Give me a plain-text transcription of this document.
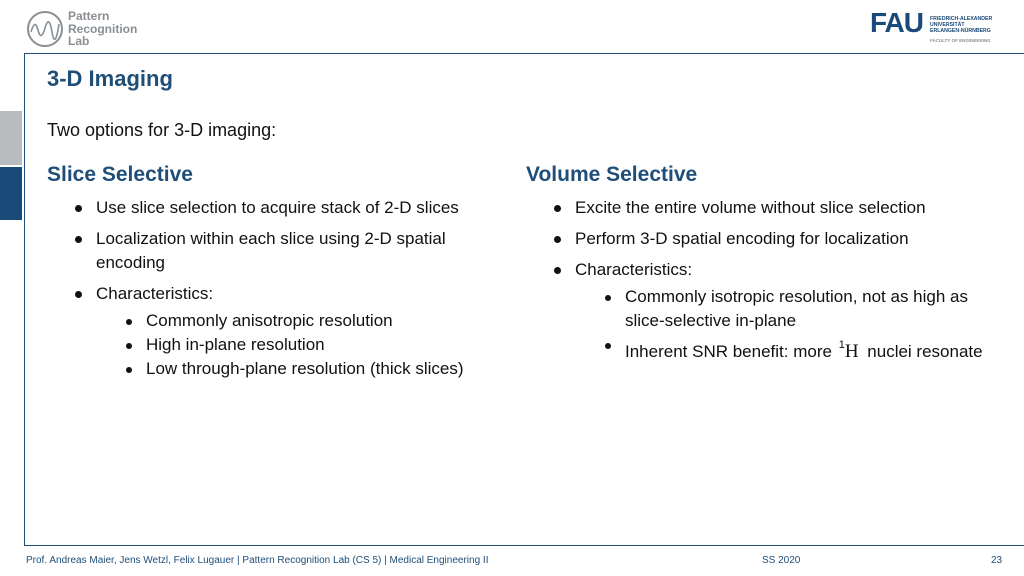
Pattern
Recognition
Lab
FAU FRIEDRICH-ALEXANDER
UNIVERSITÄT
ERLANGEN-NÜRNBERG
FACULTY OF ENGINEERING
3-D Imaging
Two options for 3-D imaging:
Slice Selective
Use slice selection to acquire stack of 2-D slices
Localization within each slice using 2-D spatial encoding
Characteristics:
Commonly anisotropic resolution
High in-plane resolution
Low through-plane resolution (thick slices)
Volume Selective
Excite the entire volume without slice selection
Perform 3-D spatial encoding for localization
Characteristics:
Commonly isotropic resolution, not as high as slice-selective in-plane
Inherent SNR benefit: more $^1$H nuclei resonate
Prof. Andreas Maier, Jens Wetzl, Felix Lugauer | Pattern Recognition Lab (CS 5) | Medical Engineering II	SS 2020	23
